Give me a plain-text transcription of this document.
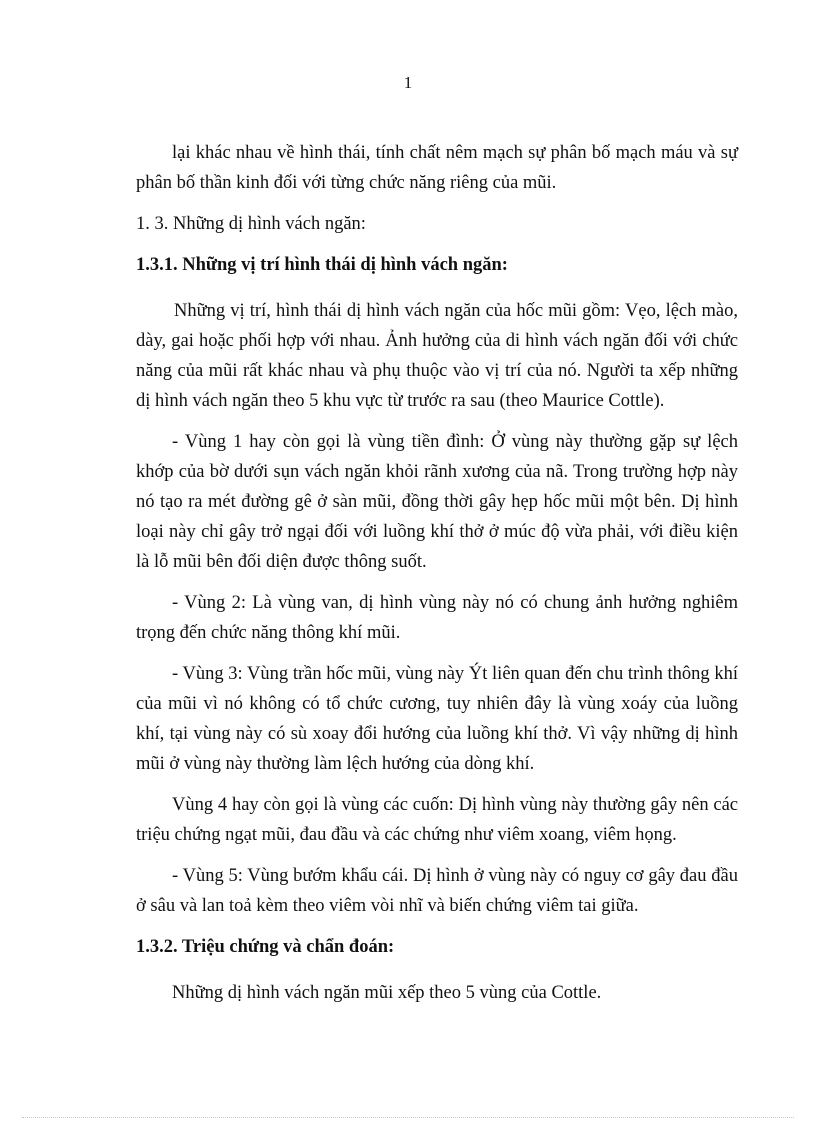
1

lại khác nhau về hình thái, tính chất nêm mạch sự phân bố mạch máu và sự phân bố thần kinh đối với từng chức năng riêng của mũi.

1. 3. Những dị hình vách ngăn:

1.3.1. Những vị trí hình thái dị hình vách ngăn:

Những vị trí, hình thái dị hình vách ngăn của hốc mũi gồm: Vẹo, lệch mào, dày, gai hoặc phối hợp với nhau. Ảnh hưởng của di hình vách ngăn đối với chức năng của mũi rất khác nhau và phụ thuộc vào vị trí của nó. Người ta xếp những dị hình vách ngăn theo 5 khu vực từ trước ra sau (theo Maurice Cottle).

- Vùng 1 hay còn gọi là vùng tiền đình: Ở vùng này thường gặp sự lệch khớp của bờ dưới sụn vách ngăn khỏi rãnh xương của nã. Trong trường hợp này nó tạo ra mét đường gê ở sàn mũi, đồng thời gây hẹp hốc mũi một bên. Dị hình loại này chỉ gây trở ngại đối với luồng khí thở ở múc độ vừa phải, với điều kiện là lỗ mũi bên đối diện được thông suốt.

- Vùng 2: Là vùng van, dị hình vùng này nó có chung ảnh hưởng nghiêm trọng đến chức năng thông khí mũi.

- Vùng 3: Vùng trần hốc mũi, vùng này Ýt liên quan đến chu trình thông khí của mũi vì nó không có tổ chức cương, tuy nhiên đây là vùng xoáy của luồng khí, tại vùng này có sù xoay đổi hướng của luồng khí thở. Vì vậy những dị hình mũi ở vùng này thường làm lệch hướng của dòng khí.

Vùng 4 hay còn gọi là vùng các cuốn: Dị hình vùng này thường gây nên các triệu chứng ngạt mũi, đau đầu và các chứng như viêm xoang, viêm họng.

- Vùng 5: Vùng bướm khẩu cái. Dị hình ở vùng này có nguy cơ gây đau đầu ở sâu và lan toả kèm theo viêm vòi nhĩ và biến chứng viêm tai giữa.

1.3.2. Triệu chứng và chẩn đoán:

Những dị hình vách ngăn mũi xếp theo 5 vùng của Cottle.
